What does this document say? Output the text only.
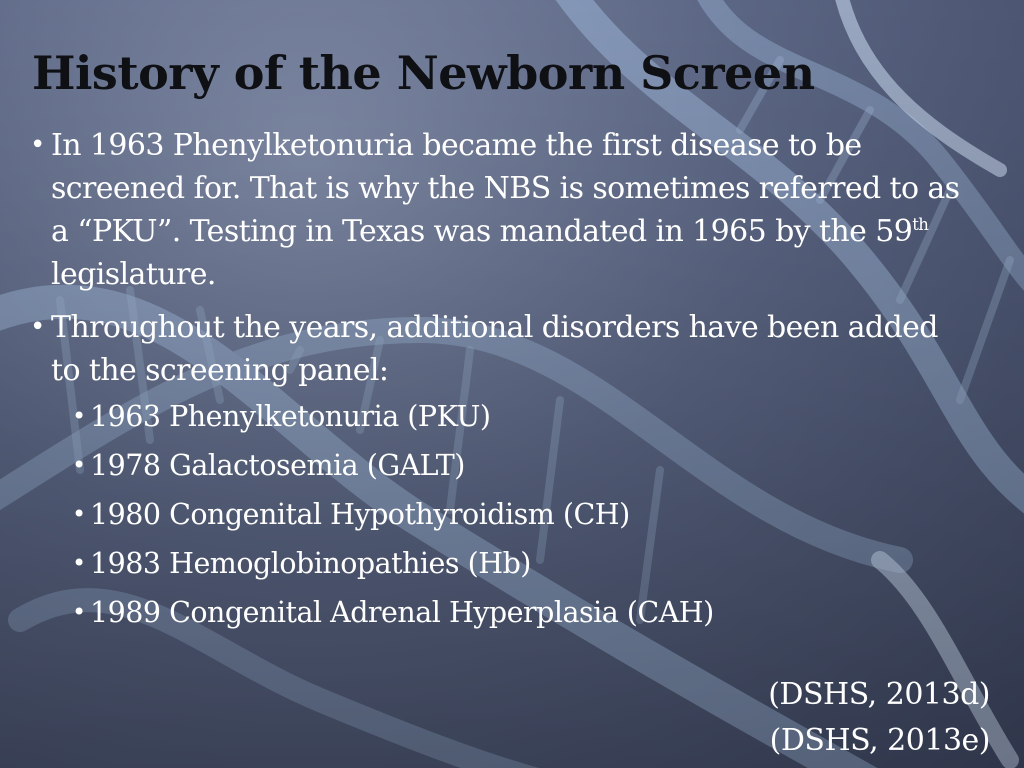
History of the Newborn Screen
• In 1963 Phenylketonuria became the first disease to be screened for. That is why the NBS is sometimes referred to as a “PKU”. Testing in Texas was mandated in 1965 by the 59th legislature.
• Throughout the years, additional disorders have been added to the screening panel:
• 1963 Phenylketonuria (PKU)
• 1978 Galactosemia (GALT)
• 1980 Congenital Hypothyroidism (CH)
• 1983 Hemoglobinopathies (Hb)
• 1989 Congenital Adrenal Hyperplasia (CAH)
(DSHS, 2013d)
(DSHS, 2013e)
